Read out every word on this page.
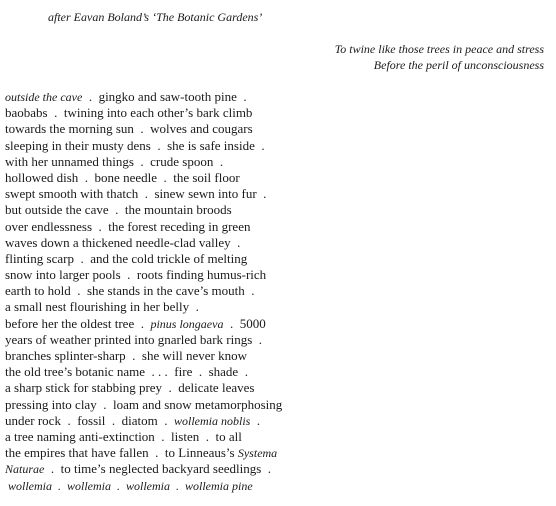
after Eavan Boland’s ‘The Botanic Gardens’
To twine like those trees in peace and stress
Before the peril of unconsciousness
outside the cave  .  gingko and saw-tooth pine  .
baobabs  .  twining into each other’s bark climb
towards the morning sun  .  wolves and cougars
sleeping in their musty dens  .  she is safe inside  .
with her unnamed things  .  crude spoon  .
hollowed dish  .  bone needle  .  the soil floor
swept smooth with thatch  .  sinew sewn into fur  .
but outside the cave  .  the mountain broods
over endlessness  .  the forest receding in green
waves down a thickened needle-clad valley  .
flinting scarp  .  and the cold trickle of melting
snow into larger pools  .  roots finding humus-rich
earth to hold  .  she stands in the cave’s mouth  .
a small nest flourishing in her belly  .
before her the oldest tree  .  pinus longaeva  .  5000
years of weather printed into gnarled bark rings  .
branches splinter-sharp  .  she will never know
the old tree’s botanic name  . . .  fire  .  shade  .
a sharp stick for stabbing prey  .  delicate leaves
pressing into clay  .  loam and snow metamorphosing
under rock  .  fossil  .  diatom  .  wollemia noblis  .
a tree naming anti-extinction  .  listen  .  to all
the empires that have fallen  .  to Linneaus’s Systema
Naturae  .  to time’s neglected backyard seedlings  .
wollemia  .  wollemia  .  wollemia  .  wollemia pine
